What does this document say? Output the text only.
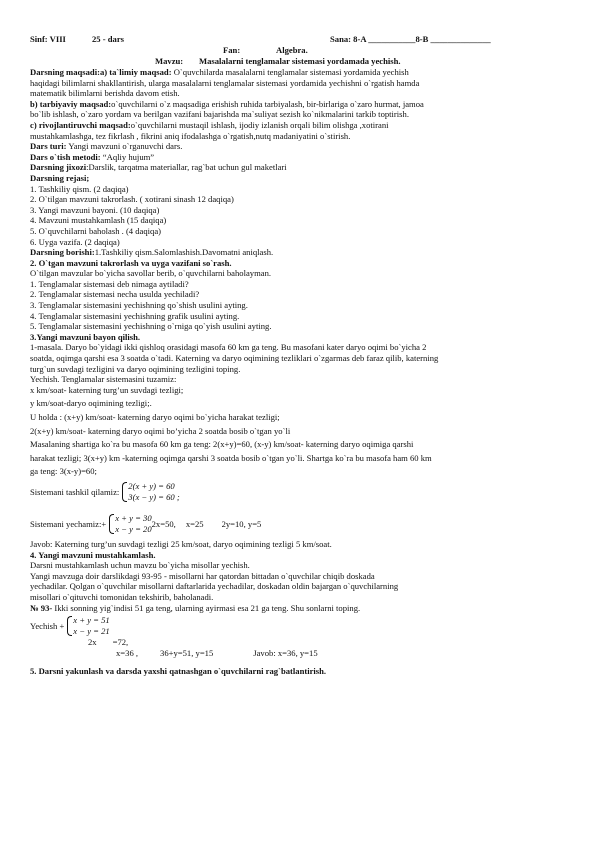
Sinf: VIII	25 - dars	Sana: 8-A ___________8-B ______________
Fan:	Algebra.
Mavzu: Masalalarni tenglamalar sistemasi yordamada yechish.
Darsning maqsadi:a) ta`limiy maqsad: O`quvchilarda masalalarni tenglamalar sistemasi yordamida yechish
haqidagi bilimlarni shakllantirish, ularga masalalarni tenglamalar sistemasi yordamida yechishni o`rgatish hamda
matematik bilimlarni berishda davom etish.
b) tarbiyaviy maqsad:o`quvchilarni o`z maqsadiga erishish ruhida tarbiyalash, bir-birlariga o`zaro hurmat, jamoa
bo`lib ishlash, o`zaro yordam va berilgan vazifani bajarishda ma`suliyat sezish ko`nikmalarini tarkib toptirish.
c) rivojlantiruvchi maqsad:o`quvchilarni mustaqil ishlash, ijodiy izlanish orqali bilim olishga ,xotirani
mustahkamlashga, tez fikrlash , fikrini aniq ifodalashga o`rgatish,nutq madaniyatini o`stirish.
Dars turi: Yangi mavzuni o`rganuvchi dars.
Dars o`tish metodi: “Aqliy hujum”
Darsning jixozi:Darslik, tarqatma materiallar, rag`bat uchun gul maketlari
Darsning rejasi;
1. Tashkiliy qism. (2 daqiqa)
2. O`tilgan mavzuni takrorlash. ( xotirani sinash 12 daqiqa)
3. Yangi mavzuni bayoni. (10 daqiqa)
4. Mavzuni mustahkamlash (15 daqiqa)
5. O`quvchilarni baholash . (4 daqiqa)
6. Uyga vazifa. (2 daqiqa)
Darsning borishi:1.Tashkiliy qism.Salomlashish.Davomatni aniqlash.
2. O`tgan mavzuni takrorlash va uyga vazifani so`rash.
O`tilgan mavzular bo`yicha savollar berib, o`quvchilarni baholayman.
1. Tenglamalar sistemasi deb nimaga aytiladi?
2. Tenglamalar sistemasi necha usulda yechiladi?
3. Tenglamalar sistemasini yechishning qo`shish usulini ayting.
4. Tenglamalar sistemasini yechishning grafik usulini ayting.
5. Tenglamalar sistemasini yechishning o`rniga qo`yish usulini ayting.
3.Yangi mavzuni bayon qilish.
1-masala. Daryo bo`yidagi ikki qishloq orasidagi masofa 60 km ga teng. Bu masofani kater daryo oqimi bo`yicha 2
soatda, oqimga qarshi esa 3 soatda o`tadi. Katerning va daryo oqimining tezliklari o`zgarmas deb faraz qilib, katerning
turg`un suvdagi tezligini va daryo oqimining tezligini toping.
Yechish. Tenglamalar sistemasini tuzamiz:
x km/soat- katerning turg’un suvdagi tezligi;
y km/soat-daryo oqimining tezligi;.
U holda : (x+y) km/soat- katerning daryo oqimi bo`yicha harakat tezligi;
2(x+y) km/soat- katerning daryo oqimi bo’yicha 2 soatda bosib o`tgan yo`li
Masalaning shartiga ko`ra bu masofa 60 km ga teng: 2(x+y)=60, (x-y) km/soat- katerning daryo oqimiga qarshi
harakat tezligi; 3(x+y) km -katerning oqimga qarshi 3 soatda bosib o`tgan yo`li. Shartga ko`ra bu masofa ham 60 km
ga teng: 3(x-y)=60;
Sistemani tashkil qilamiz:
2(x + y) = 60
3(x − y) = 60 ;
Sistemani yechamiz:+
x + y = 30
x − y = 20
2x=50, x=25 2y=10, y=5
Javob: Katerning turg’un suvdagi tezligi 25 km/soat, daryo oqimining tezligi 5 km/soat.
4. Yangi mavzuni mustahkamlash.
Darsni mustahkamlash uchun mavzu bo`yicha misollar yechish.
Yangi mavzuga doir darslikdagi 93-95 - misollarni har qatordan bittadan o`quvchilar chiqib doskada
yechadilar. Qolgan o`quvchilar misollarni daftarlarida yechadilar, doskadan oldin bajargan o`quvchilarning
misollari o`qituvchi tomonidan tekshirib, baholanadi.
№ 93- Ikki sonning yig`indisi 51 ga teng, ularning ayirmasi esa 21 ga teng. Shu sonlarni toping.
Yechish +
x + y = 51
x − y = 21
2x =72,
x=36 ,	36+y=51, y=15	Javob: x=36, y=15
5. Darsni yakunlash va darsda yaxshi qatnashgan o`quvchilarni rag`batlantirish.
